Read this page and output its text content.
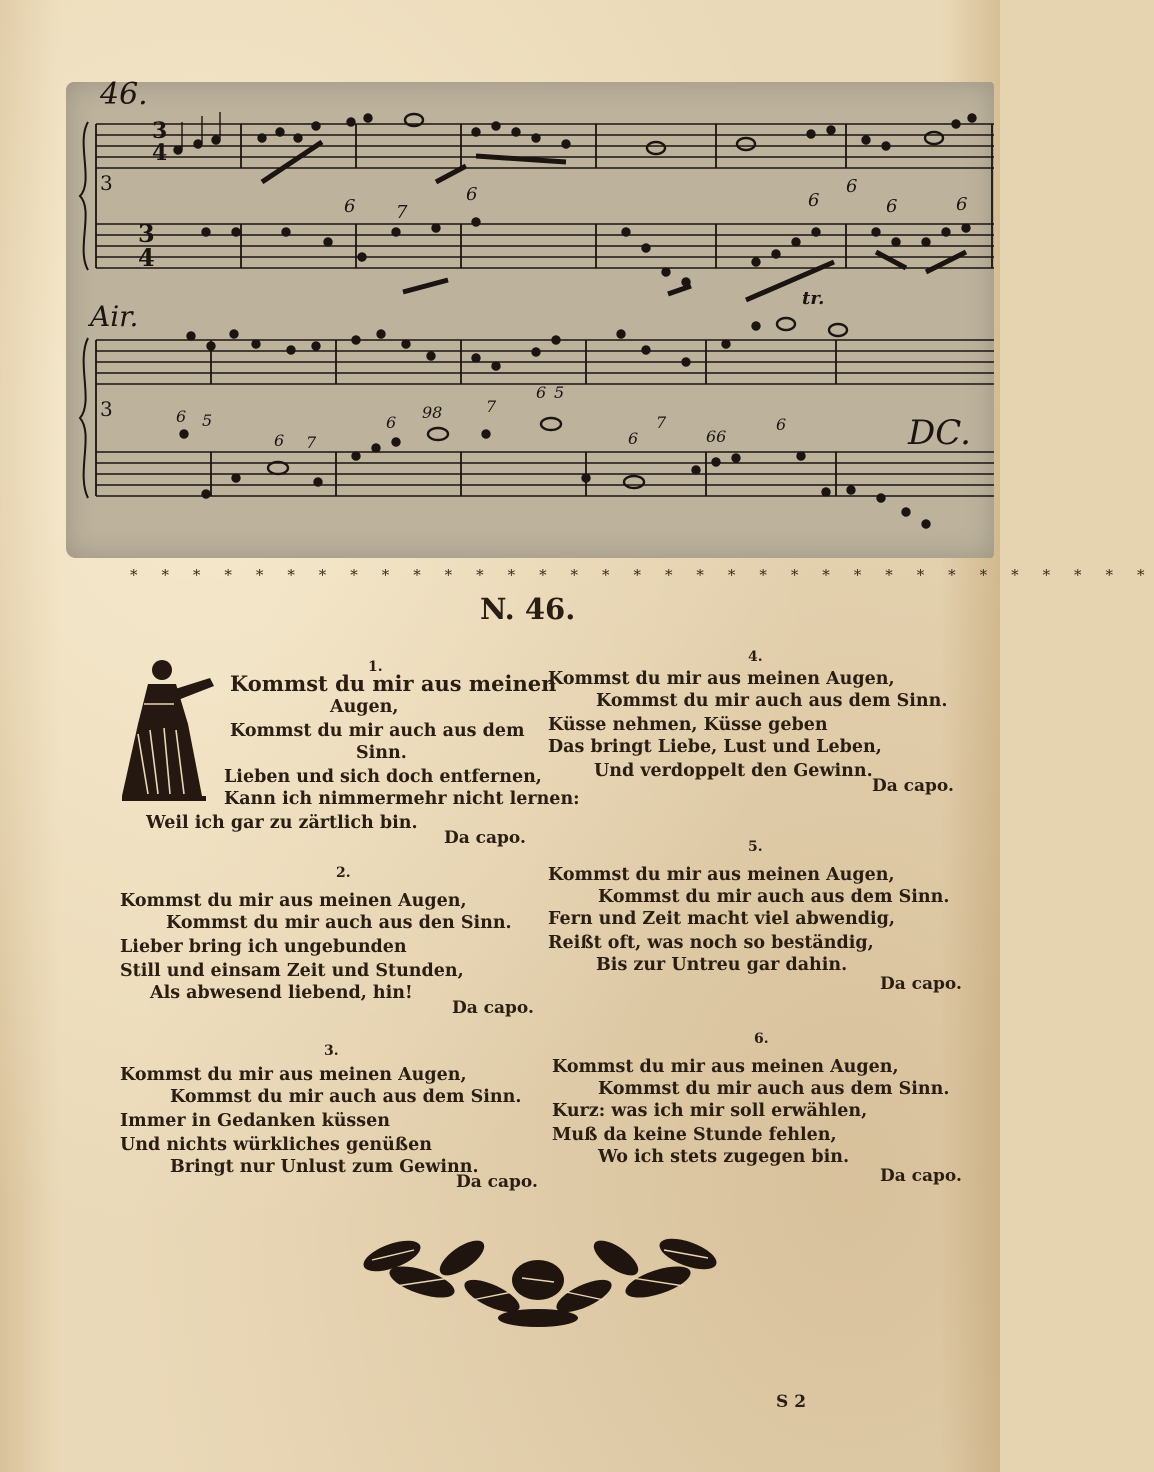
46.
3
4
3
4
3
3
Air.
tr.
DC.
6 7
6	6
6
6	6
6 5
6 7
6
98	7
6 5
6
7
66
6
* * * * * * * * * * * * * * * * * * * * * * * * * * * * * * * * *
N. 46.
1.
Kommst du mir aus meinen
Augen,
Kommst du mir auch aus dem
Sinn.
Lieben und sich doch entfernen,
Kann ich nimmermehr nicht lernen:
Weil ich gar zu zärtlich bin.
Da capo.
2.
Kommst du mir aus meinen Augen,
Kommst du mir auch aus den Sinn.
Lieber bring ich ungebunden
Still und einsam Zeit und Stunden,
Als abwesend liebend, hin!
Da capo.
3.
Kommst du mir aus meinen Augen,
Kommst du mir auch aus dem Sinn.
Immer in Gedanken küssen
Und nichts würkliches genüßen
Bringt nur Unlust zum Gewinn.
Da capo.
4.
Kommst du mir aus meinen Augen,
Kommst du mir auch aus dem Sinn.
Küsse nehmen, Küsse geben
Das bringt Liebe, Lust und Leben,
Und verdoppelt den Gewinn.
Da capo.
5.
Kommst du mir aus meinen Augen,
Kommst du mir auch aus dem Sinn.
Fern und Zeit macht viel abwendig,
Reißt oft, was noch so beständig,
Bis zur Untreu gar dahin.
Da capo.
6.
Kommst du mir aus meinen Augen,
Kommst du mir auch aus dem Sinn.
Kurz: was ich mir soll erwählen,
Muß da keine Stunde fehlen,
Wo ich stets zugegen bin.
Da capo.
S 2
